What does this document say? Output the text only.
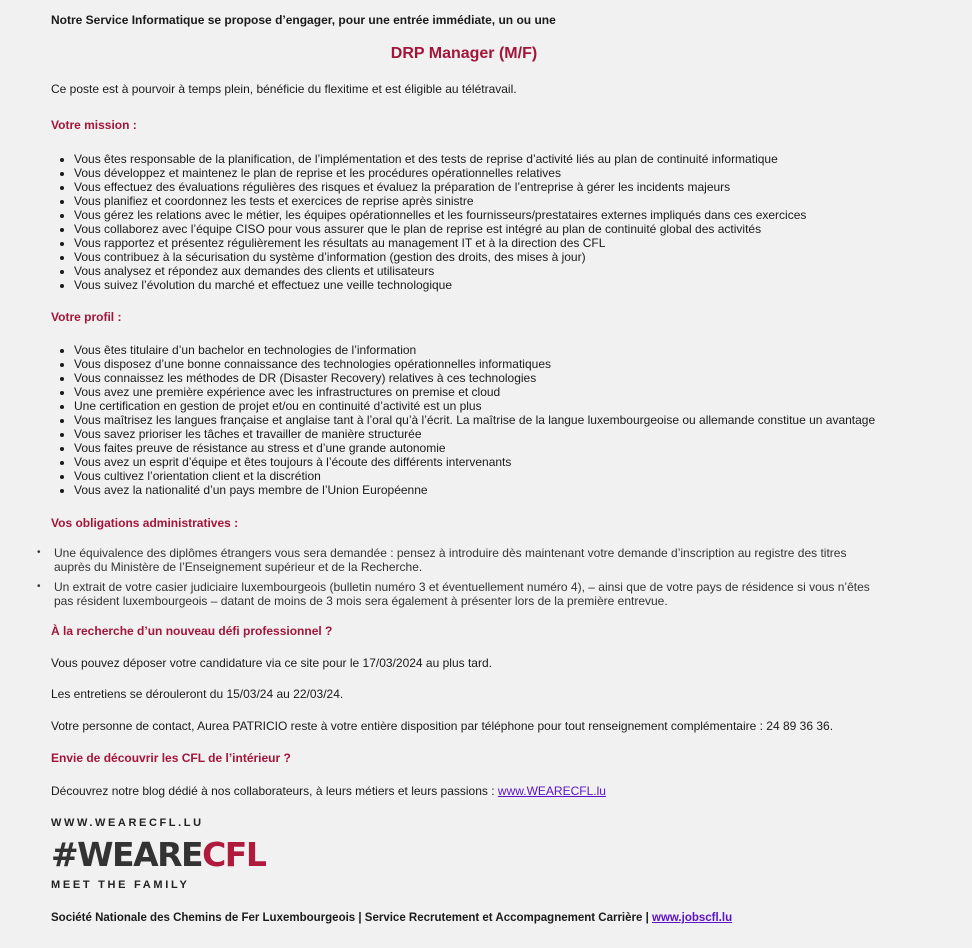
Notre Service Informatique se propose d’engager, pour une entrée immédiate, un ou une
DRP Manager (M/F)
Ce poste est à pourvoir à temps plein, bénéficie du flexitime et est éligible au télétravail.
Votre mission :
• Vous êtes responsable de la planification, de l’implémentation et des tests de reprise d’activité liés au plan de continuité informatique
• Vous développez et maintenez le plan de reprise et les procédures opérationnelles relatives
• Vous effectuez des évaluations régulières des risques et évaluez la préparation de l’entreprise à gérer les incidents majeurs
• Vous planifiez et coordonnez les tests et exercices de reprise après sinistre
• Vous gérez les relations avec le métier, les équipes opérationnelles et les fournisseurs/prestataires externes impliqués dans ces exercices
• Vous collaborez avec l’équipe CISO pour vous assurer que le plan de reprise est intégré au plan de continuité global des activités
• Vous rapportez et présentez régulièrement les résultats au management IT et à la direction des CFL
• Vous contribuez à la sécurisation du système d’information (gestion des droits, des mises à jour)
• Vous analysez et répondez aux demandes des clients et utilisateurs
• Vous suivez l’évolution du marché et effectuez une veille technologique
Votre profil :
• Vous êtes titulaire d’un bachelor en technologies de l’information
• Vous disposez d’une bonne connaissance des technologies opérationnelles informatiques
• Vous connaissez les méthodes de DR (Disaster Recovery) relatives à ces technologies
• Vous avez une première expérience avec les infrastructures on premise et cloud
• Une certification en gestion de projet et/ou en continuité d’activité est un plus
• Vous maîtrisez les langues française et anglaise tant à l’oral qu’à l’écrit. La maîtrise de la langue luxembourgeoise ou allemande constitue un avantage
• Vous savez prioriser les tâches et travailler de manière structurée
• Vous faites preuve de résistance au stress et d’une grande autonomie
• Vous avez un esprit d’équipe et êtes toujours à l’écoute des différents intervenants
• Vous cultivez l’orientation client et la discrétion
• Vous avez la nationalité d’un pays membre de l’Union Européenne
Vos obligations administratives :
• Une équivalence des diplômes étrangers vous sera demandée : pensez à introduire dès maintenant votre demande d’inscription au registre des titres auprès du Ministère de l’Enseignement supérieur et de la Recherche.
• Un extrait de votre casier judiciaire luxembourgeois (bulletin numéro 3 et éventuellement numéro 4), – ainsi que de votre pays de résidence si vous n’êtes pas résident luxembourgeois – datant de moins de 3 mois sera également à présenter lors de la première entrevue.
À la recherche d’un nouveau défi professionnel ?
Vous pouvez déposer votre candidature via ce site pour le 17/03/2024 au plus tard.
Les entretiens se dérouleront du 15/03/24 au 22/03/24.
Votre personne de contact, Aurea PATRICIO reste à votre entière disposition par téléphone pour tout renseignement complémentaire : 24 89 36 36.
Envie de découvrir les CFL de l’intérieur ?
Découvrez notre blog dédié à nos collaborateurs, à leurs métiers et leurs passions : www.WEARECFL.lu
WWW.WEARECFL.LU
#WEARECFL
MEET THE FAMILY
Société Nationale des Chemins de Fer Luxembourgeois | Service Recrutement et Accompagnement Carrière | www.jobscfl.lu
